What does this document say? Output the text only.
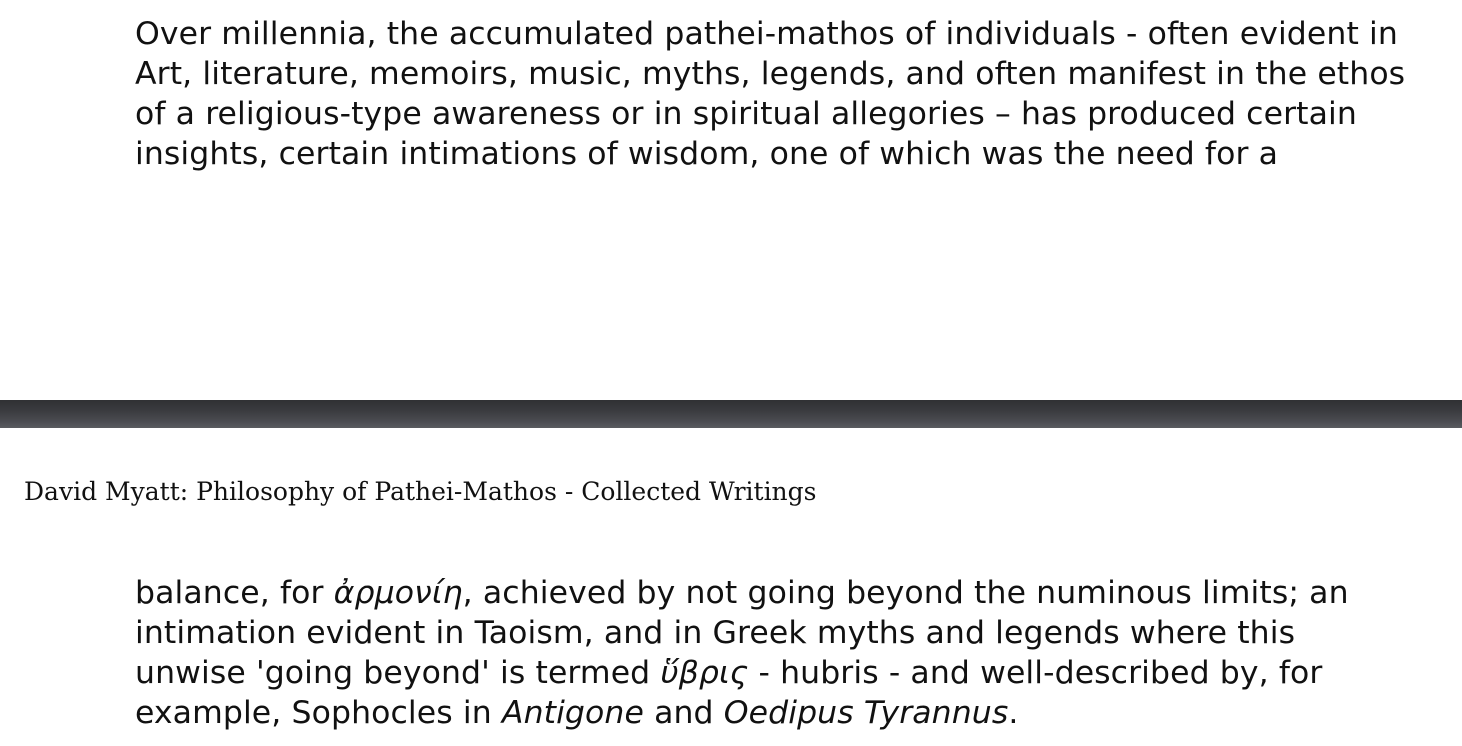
Over millennia, the accumulated pathei-mathos of individuals - often evident in
Art, literature, memoirs, music, myths, legends, and often manifest in the ethos
of a religious-type awareness or in spiritual allegories – has produced certain
insights, certain intimations of wisdom, one of which was the need for a

David Myatt: Philosophy of Pathei-Mathos - Collected Writings

balance, for ἀρμονίη, achieved by not going beyond the numinous limits; an
intimation evident in Taoism, and in Greek myths and legends where this
unwise 'going beyond' is termed ὕβρις - hubris - and well-described by, for
example, Sophocles in Antigone and Oedipus Tyrannus.
